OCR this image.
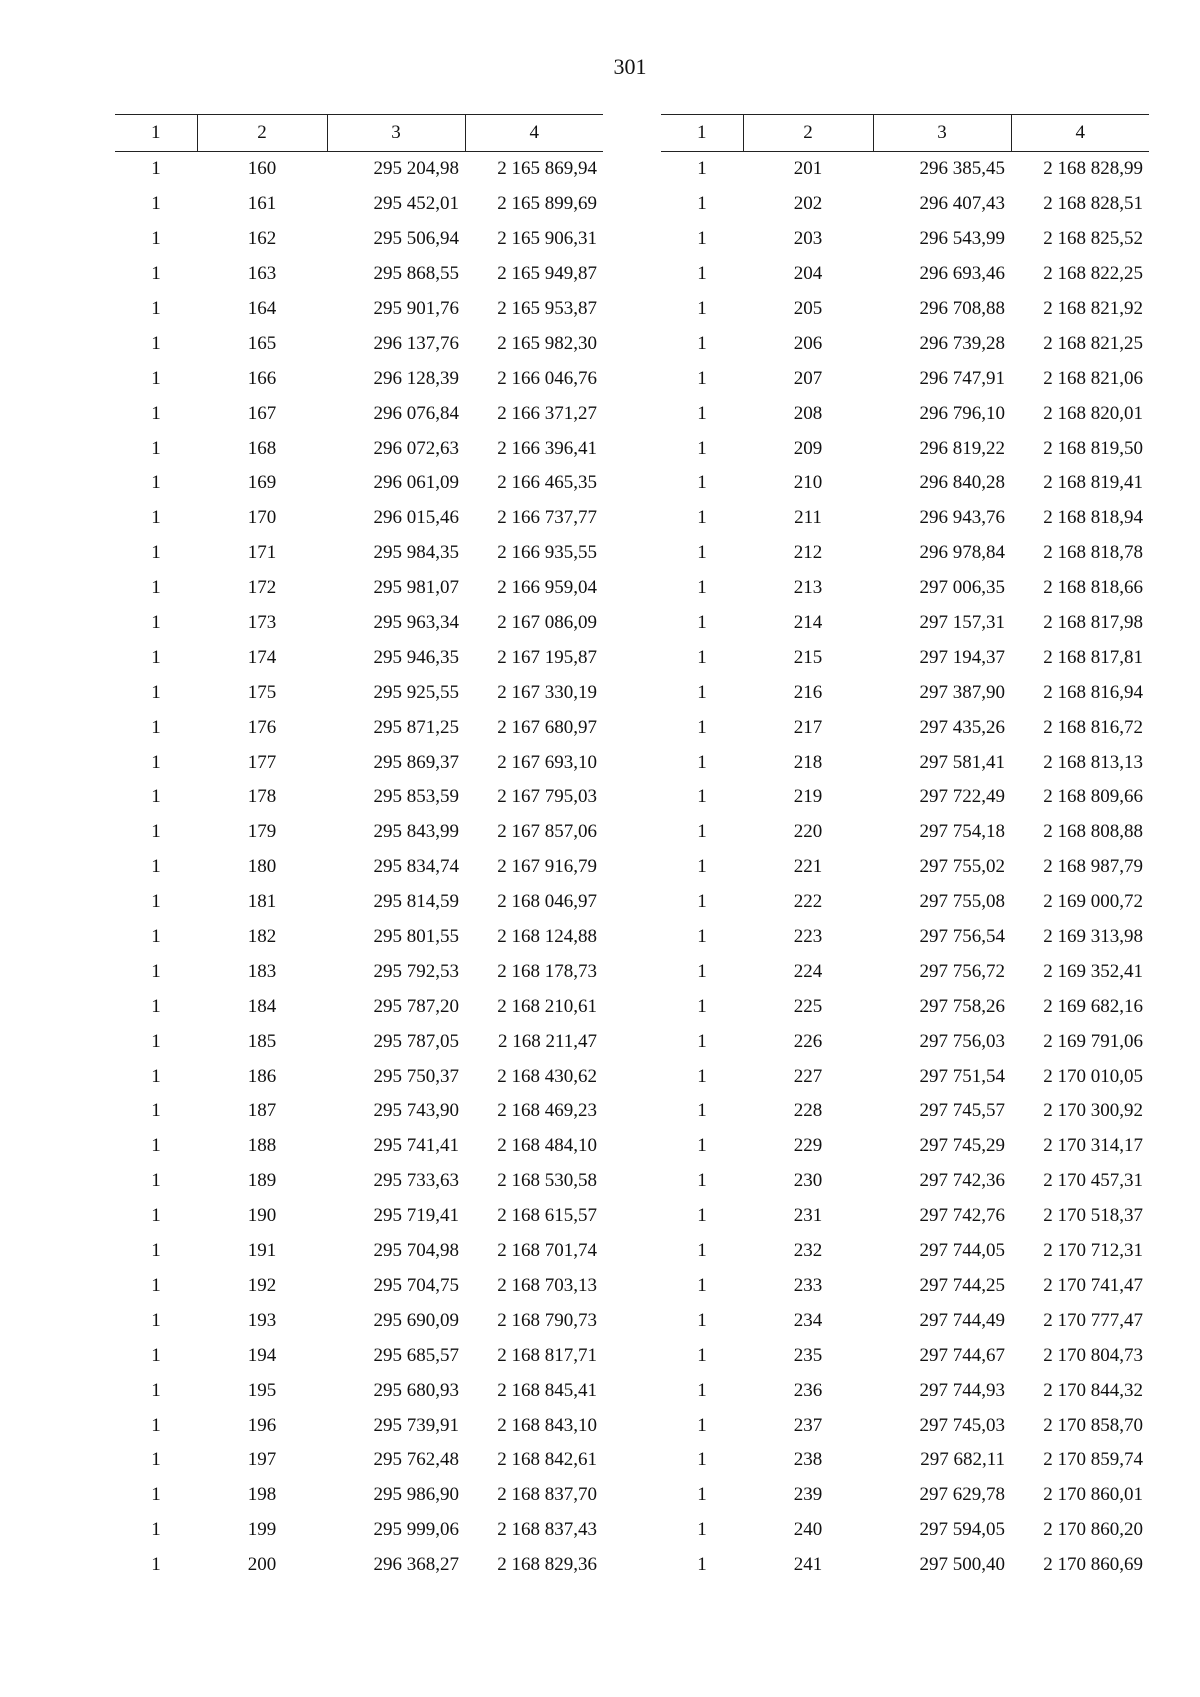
301
1	2	3	4
1	160	295 204,98	2 165 869,94
1	161	295 452,01	2 165 899,69
1	162	295 506,94	2 165 906,31
1	163	295 868,55	2 165 949,87
1	164	295 901,76	2 165 953,87
1	165	296 137,76	2 165 982,30
1	166	296 128,39	2 166 046,76
1	167	296 076,84	2 166 371,27
1	168	296 072,63	2 166 396,41
1	169	296 061,09	2 166 465,35
1	170	296 015,46	2 166 737,77
1	171	295 984,35	2 166 935,55
1	172	295 981,07	2 166 959,04
1	173	295 963,34	2 167 086,09
1	174	295 946,35	2 167 195,87
1	175	295 925,55	2 167 330,19
1	176	295 871,25	2 167 680,97
1	177	295 869,37	2 167 693,10
1	178	295 853,59	2 167 795,03
1	179	295 843,99	2 167 857,06
1	180	295 834,74	2 167 916,79
1	181	295 814,59	2 168 046,97
1	182	295 801,55	2 168 124,88
1	183	295 792,53	2 168 178,73
1	184	295 787,20	2 168 210,61
1	185	295 787,05	2 168 211,47
1	186	295 750,37	2 168 430,62
1	187	295 743,90	2 168 469,23
1	188	295 741,41	2 168 484,10
1	189	295 733,63	2 168 530,58
1	190	295 719,41	2 168 615,57
1	191	295 704,98	2 168 701,74
1	192	295 704,75	2 168 703,13
1	193	295 690,09	2 168 790,73
1	194	295 685,57	2 168 817,71
1	195	295 680,93	2 168 845,41
1	196	295 739,91	2 168 843,10
1	197	295 762,48	2 168 842,61
1	198	295 986,90	2 168 837,70
1	199	295 999,06	2 168 837,43
1	200	296 368,27	2 168 829,36
1	2	3	4
1	201	296 385,45	2 168 828,99
1	202	296 407,43	2 168 828,51
1	203	296 543,99	2 168 825,52
1	204	296 693,46	2 168 822,25
1	205	296 708,88	2 168 821,92
1	206	296 739,28	2 168 821,25
1	207	296 747,91	2 168 821,06
1	208	296 796,10	2 168 820,01
1	209	296 819,22	2 168 819,50
1	210	296 840,28	2 168 819,41
1	211	296 943,76	2 168 818,94
1	212	296 978,84	2 168 818,78
1	213	297 006,35	2 168 818,66
1	214	297 157,31	2 168 817,98
1	215	297 194,37	2 168 817,81
1	216	297 387,90	2 168 816,94
1	217	297 435,26	2 168 816,72
1	218	297 581,41	2 168 813,13
1	219	297 722,49	2 168 809,66
1	220	297 754,18	2 168 808,88
1	221	297 755,02	2 168 987,79
1	222	297 755,08	2 169 000,72
1	223	297 756,54	2 169 313,98
1	224	297 756,72	2 169 352,41
1	225	297 758,26	2 169 682,16
1	226	297 756,03	2 169 791,06
1	227	297 751,54	2 170 010,05
1	228	297 745,57	2 170 300,92
1	229	297 745,29	2 170 314,17
1	230	297 742,36	2 170 457,31
1	231	297 742,76	2 170 518,37
1	232	297 744,05	2 170 712,31
1	233	297 744,25	2 170 741,47
1	234	297 744,49	2 170 777,47
1	235	297 744,67	2 170 804,73
1	236	297 744,93	2 170 844,32
1	237	297 745,03	2 170 858,70
1	238	297 682,11	2 170 859,74
1	239	297 629,78	2 170 860,01
1	240	297 594,05	2 170 860,20
1	241	297 500,40	2 170 860,69
